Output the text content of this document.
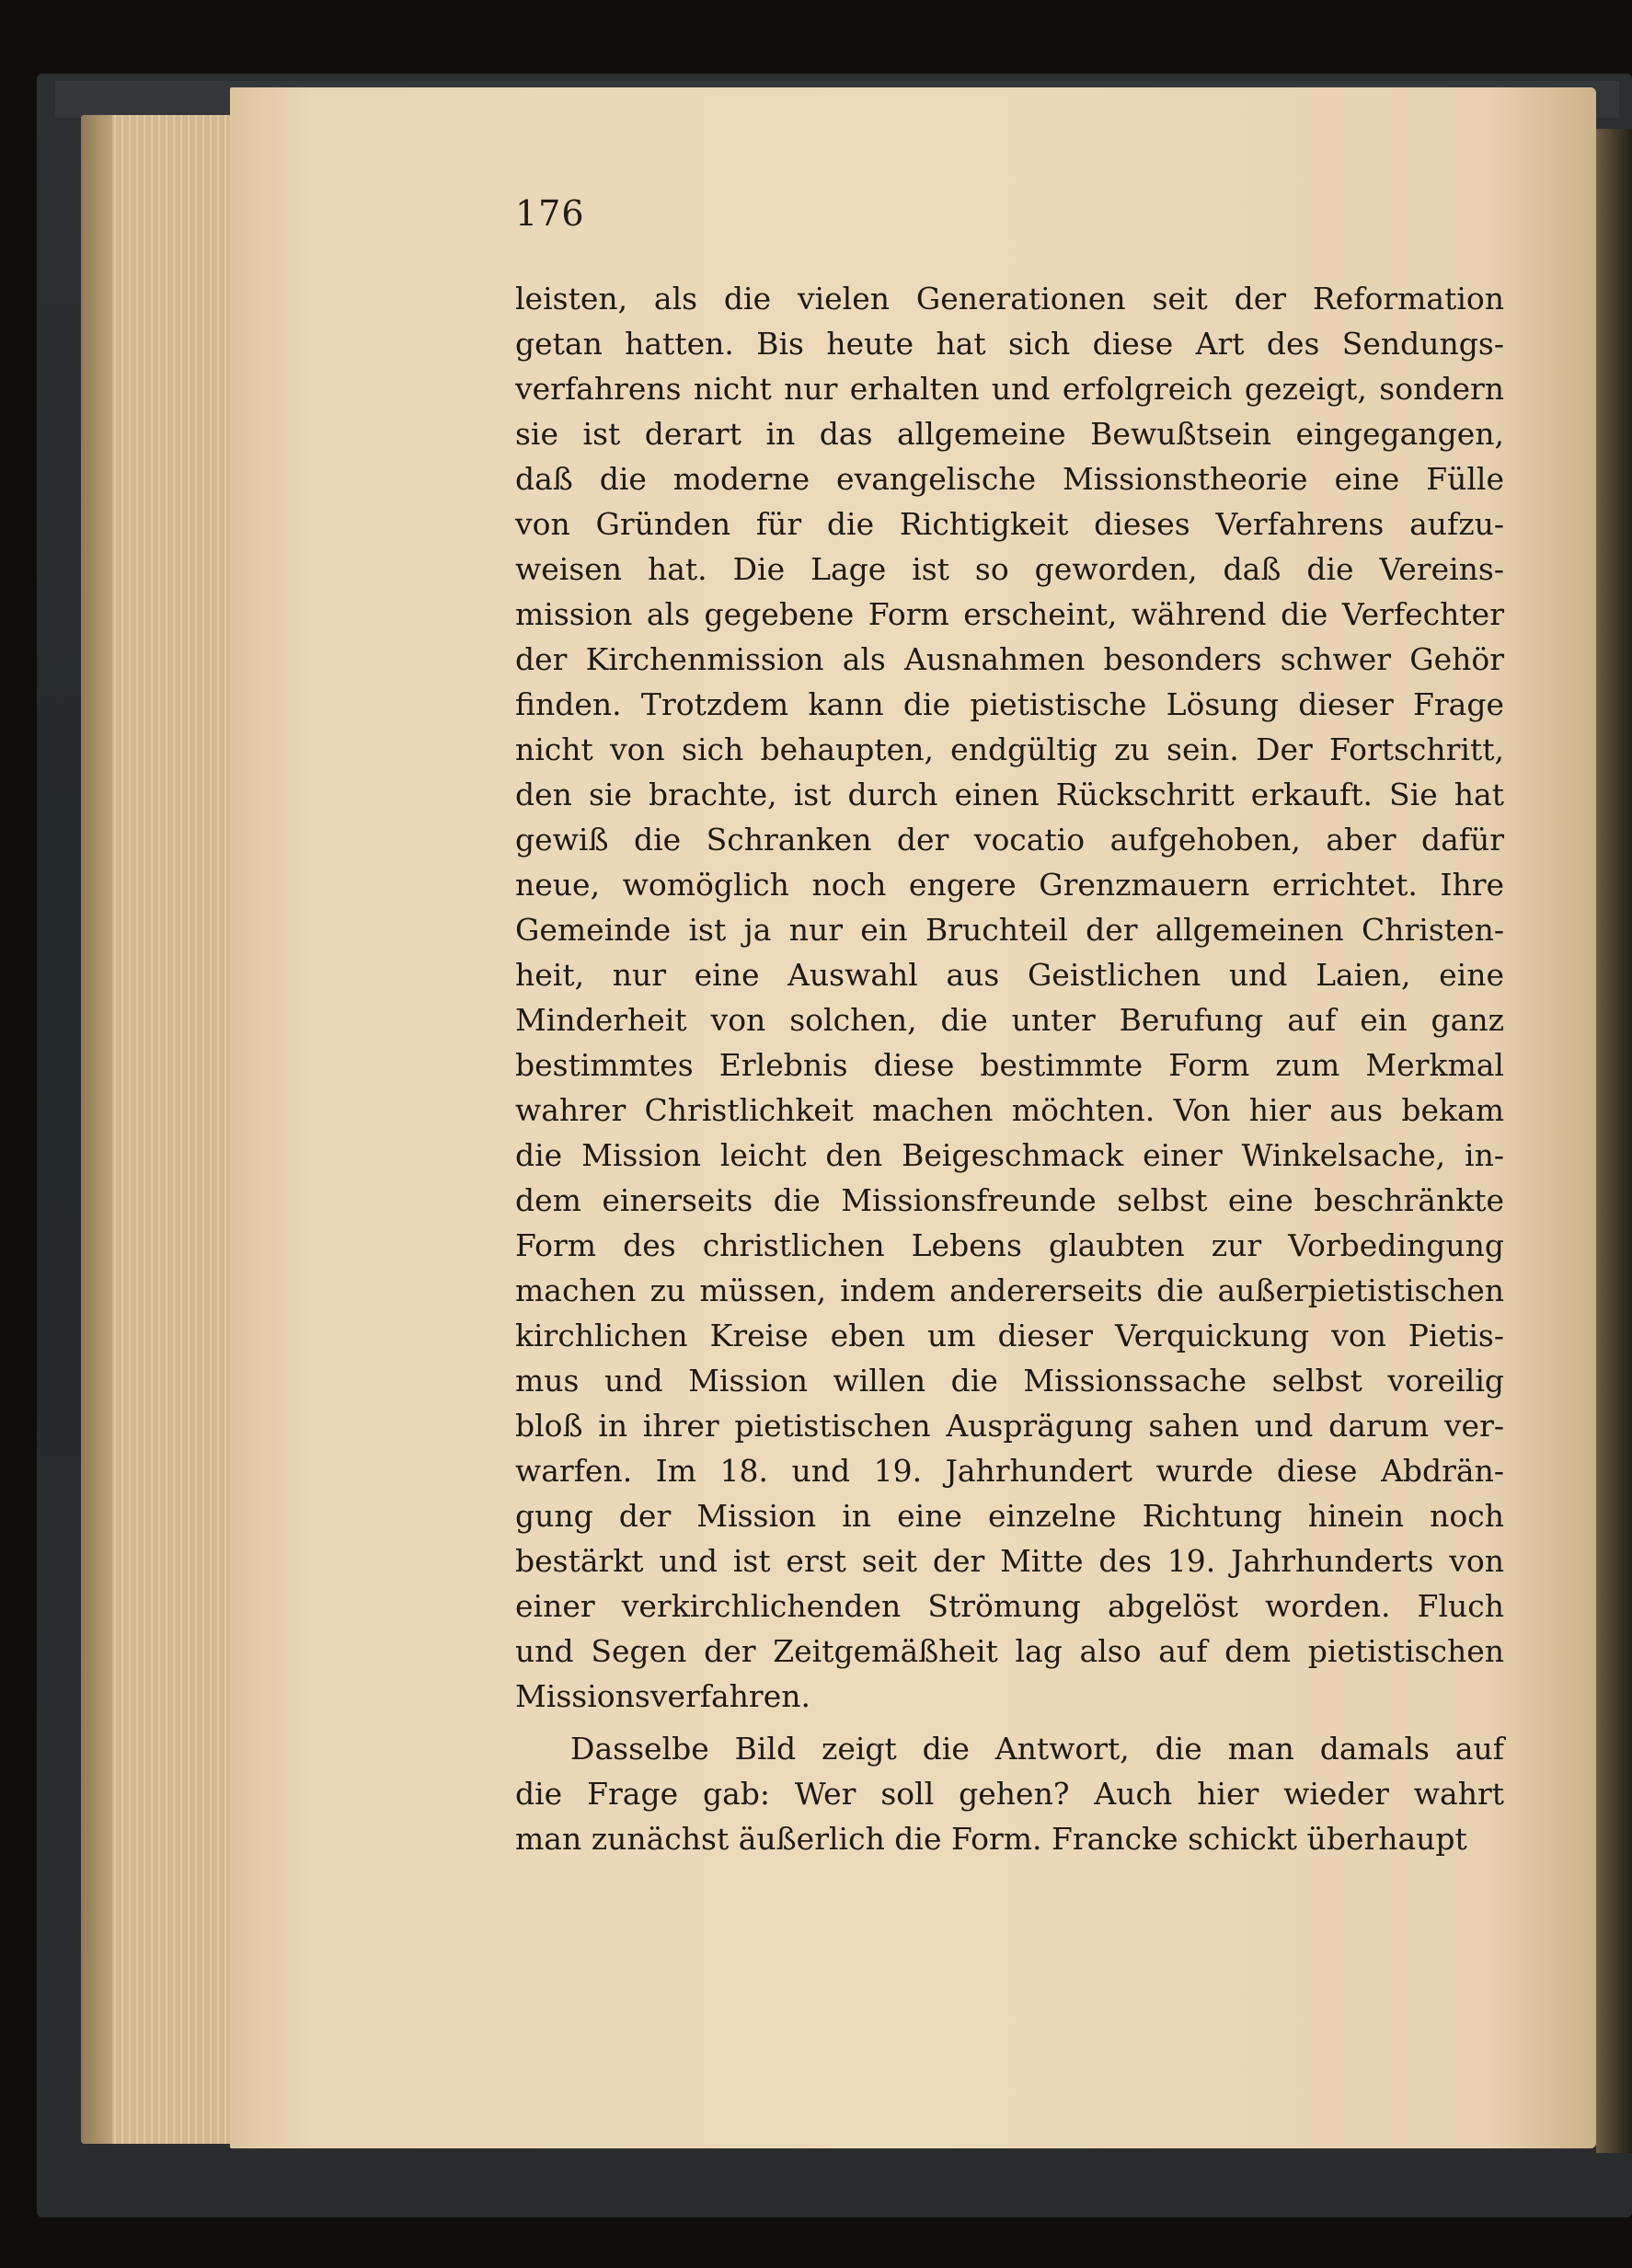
176
leisten, als die vielen Generationen seit der Reformation
getan hatten. Bis heute hat sich diese Art des Sendungs-
verfahrens nicht nur erhalten und erfolgreich gezeigt, sondern
sie ist derart in das allgemeine Bewußtsein eingegangen,
daß die moderne evangelische Missionstheorie eine Fülle
von Gründen für die Richtigkeit dieses Verfahrens aufzu-
weisen hat. Die Lage ist so geworden, daß die Vereins-
mission als gegebene Form erscheint, während die Verfechter
der Kirchenmission als Ausnahmen besonders schwer Gehör
finden. Trotzdem kann die pietistische Lösung dieser Frage
nicht von sich behaupten, endgültig zu sein. Der Fortschritt,
den sie brachte, ist durch einen Rückschritt erkauft. Sie hat
gewiß die Schranken der vocatio aufgehoben, aber dafür
neue, womöglich noch engere Grenzmauern errichtet. Ihre
Gemeinde ist ja nur ein Bruchteil der allgemeinen Christen-
heit, nur eine Auswahl aus Geistlichen und Laien, eine
Minderheit von solchen, die unter Berufung auf ein ganz
bestimmtes Erlebnis diese bestimmte Form zum Merkmal
wahrer Christlichkeit machen möchten. Von hier aus bekam
die Mission leicht den Beigeschmack einer Winkelsache, in-
dem einerseits die Missionsfreunde selbst eine beschränkte
Form des christlichen Lebens glaubten zur Vorbedingung
machen zu müssen, indem andererseits die außerpietistischen
kirchlichen Kreise eben um dieser Verquickung von Pietis-
mus und Mission willen die Missionssache selbst voreilig
bloß in ihrer pietistischen Ausprägung sahen und darum ver-
warfen. Im 18. und 19. Jahrhundert wurde diese Abdrän-
gung der Mission in eine einzelne Richtung hinein noch
bestärkt und ist erst seit der Mitte des 19. Jahrhunderts von
einer verkirchlichenden Strömung abgelöst worden. Fluch
und Segen der Zeitgemäßheit lag also auf dem pietistischen
Missionsverfahren.
Dasselbe Bild zeigt die Antwort, die man damals auf
die Frage gab: Wer soll gehen? Auch hier wieder wahrt
man zunächst äußerlich die Form. Francke schickt überhaupt
